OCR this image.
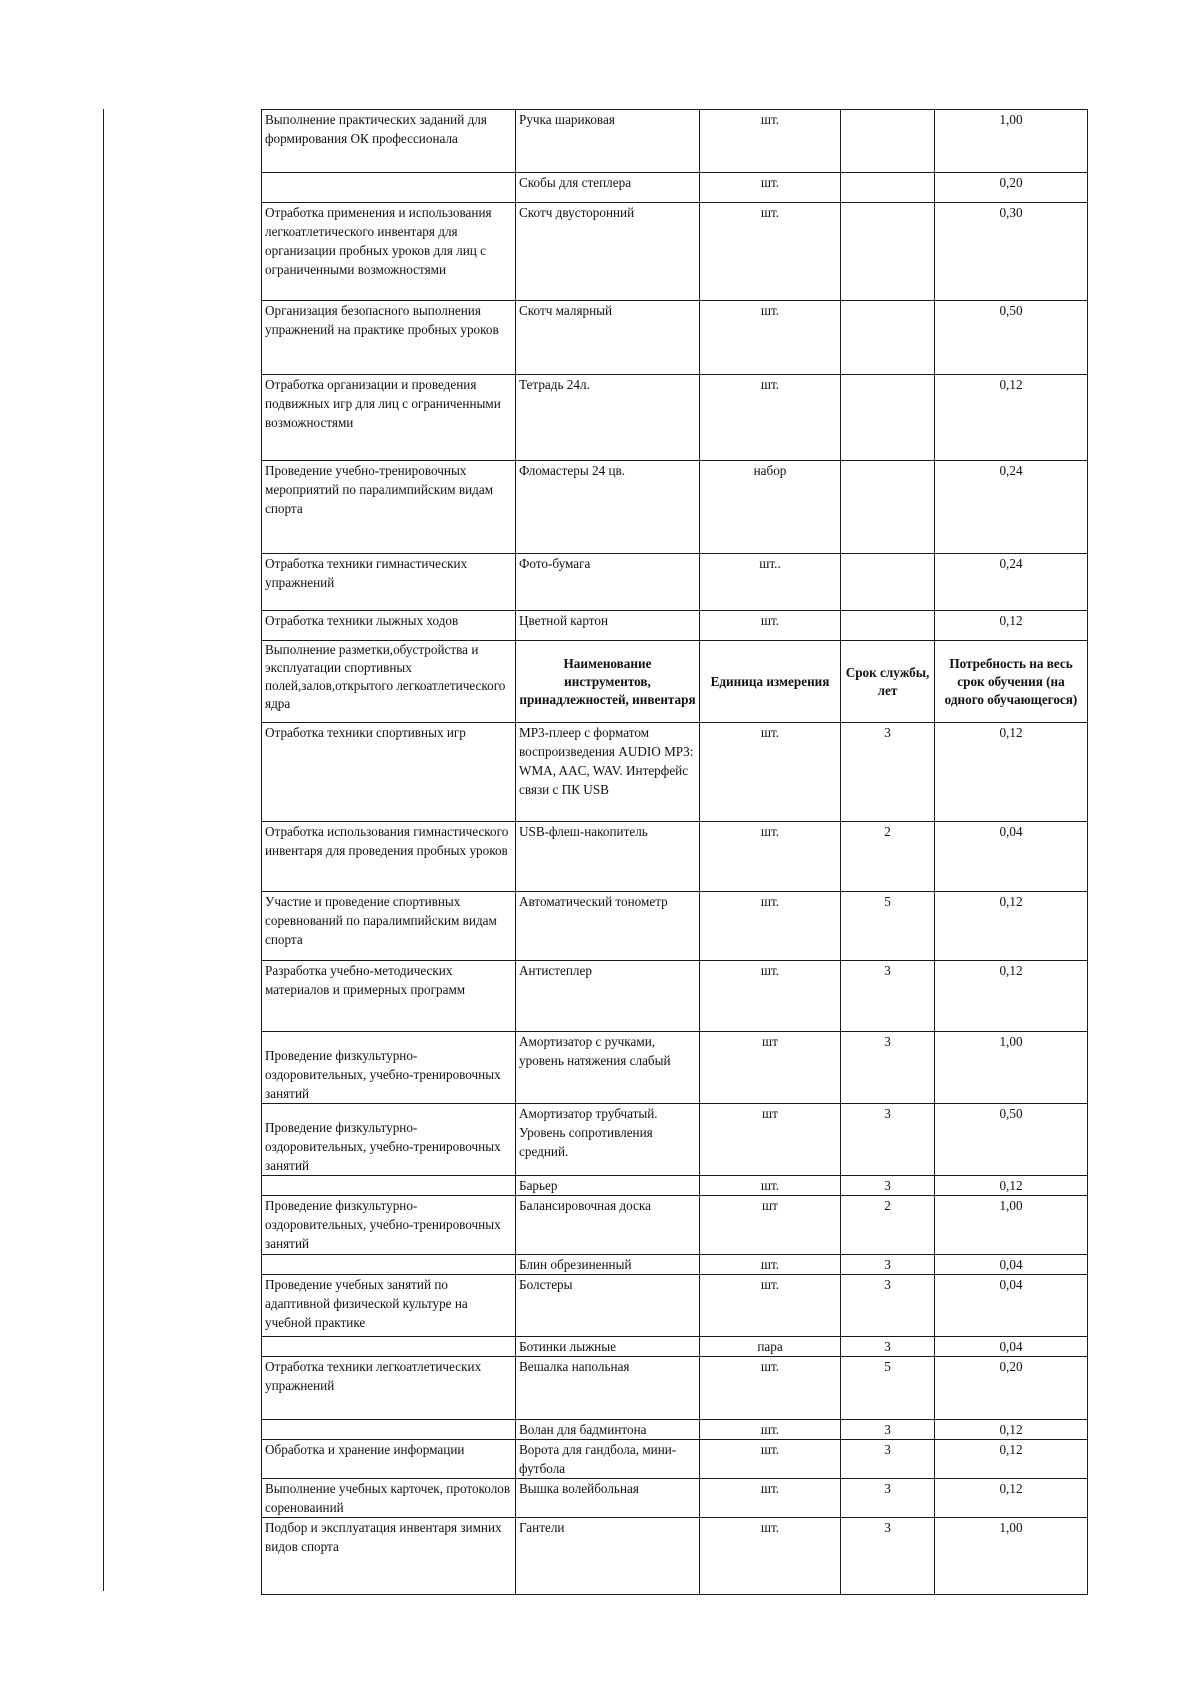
Выполнение практических заданий для формирования ОК профессионала	Ручка шариковая	шт.		1,00
	Скобы для степлера	шт.		0,20
Отработка применения и использования легкоатлетического инвентаря для организации пробных уроков для лиц с ограниченными возможностями	Скотч двусторонний	шт.		0,30
Организация безопасного выполнения упражнений на практике пробных уроков	Скотч малярный	шт.		0,50
Отработка организации и проведения подвижных игр для лиц с ограниченными возможностями	Тетрадь 24л.	шт.		0,12
Проведение учебно-тренировочных мероприятий по паралимпийским видам спорта	Фломастеры 24 цв.	набор		0,24
Отработка техники гимнастических упражнений	Фото-бумага	шт..		0,24
Отработка техники лыжных ходов	Цветной картон	шт.		0,12
Выполнение разметки,обустройства и эксплуатации спортивных полей,залов,открытого легкоатлетического ядра	Наименование инструментов, принадлежностей, инвентаря	Единица измерения	Срок службы, лет	Потребность на весь срок обучения (на одного обучающегося)
Отработка техники спортивных игр	МР3-плеер с форматом воспроизведения AUDIO MP3: WMA, AAC, WAV. Интерфейс связи с ПК USB	шт.	3	0,12
Отработка использования гимнастического инвентаря для проведения пробных уроков	USB-флеш-накопитель	шт.	2	0,04
Участие и проведение спортивных соревнований по паралимпийским видам спорта	Автоматический тонометр	шт.	5	0,12
Разработка учебно-методических материалов и примерных программ	Антистеплер	шт.	3	0,12
Проведение физкультурно-оздоровительных, учебно-тренировочных занятий	Амортизатор с ручками, уровень натяжения слабый	шт	3	1,00
Проведение физкультурно-оздоровительных, учебно-тренировочных занятий	Амортизатор трубчатый. Уровень сопротивления средний.	шт	3	0,50
	Барьер	шт.	3	0,12
Проведение физкультурно-оздоровительных, учебно-тренировочных занятий	Балансировочная доска	шт	2	1,00
	Блин обрезиненный	шт.	3	0,04
Проведение учебных занятий по адаптивной физической культуре на учебной практике	Болстеры	шт.	3	0,04
	Ботинки лыжные	пара	3	0,04
Отработка техники легкоатлетических упражнений	Вешалка напольная	шт.	5	0,20
	Волан для бадминтона	шт.	3	0,12
Обработка и хранение информации	Ворота для гандбола, мини-футбола	шт.	3	0,12
Выполнение учебных карточек, протоколов сореноваиний	Вышка волейбольная	шт.	3	0,12
Подбор и эксплуатация инвентаря зимних видов спорта	Гантели	шт.	3	1,00
